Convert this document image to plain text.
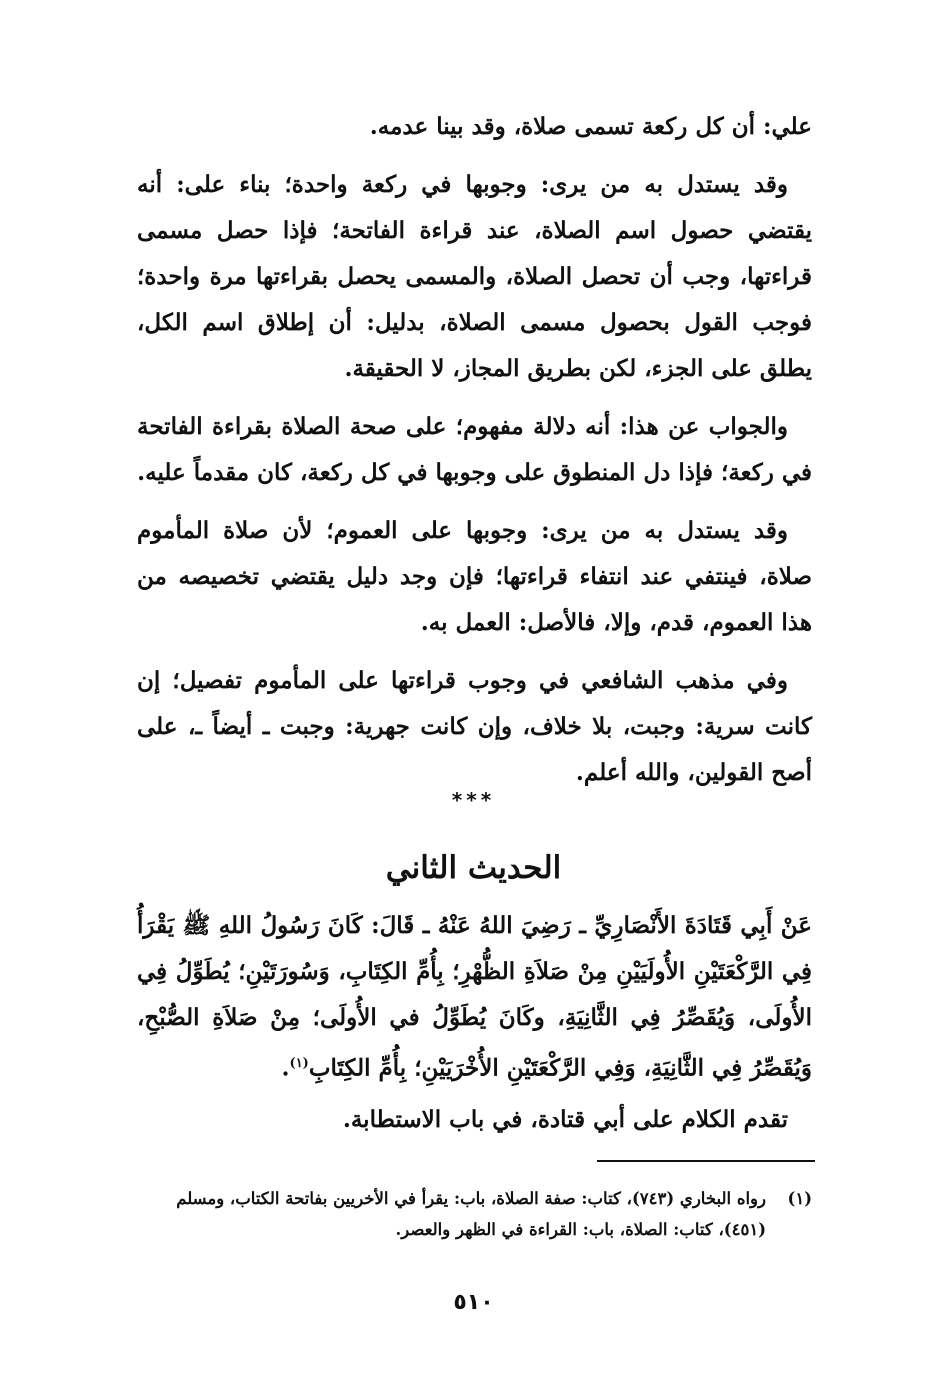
علي: أن كل ركعة تسمى صلاة، وقد بينا عدمه.

وقد يستدل به من يرى: وجوبها في ركعة واحدة؛ بناء على: أنه يقتضي حصول اسم الصلاة، عند قراءة الفاتحة؛ فإذا حصل مسمى قراءتها، وجب أن تحصل الصلاة، والمسمى يحصل بقراءتها مرة واحدة؛ فوجب القول بحصول مسمى الصلاة، بدليل: أن إطلاق اسم الكل، يطلق على الجزء، لكن بطريق المجاز، لا الحقيقة.

والجواب عن هذا: أنه دلالة مفهوم؛ على صحة الصلاة بقراءة الفاتحة في ركعة؛ فإذا دل المنطوق على وجوبها في كل ركعة، كان مقدماً عليه.

وقد يستدل به من يرى: وجوبها على العموم؛ لأن صلاة المأموم صلاة، فينتفي عند انتفاء قراءتها؛ فإن وجد دليل يقتضي تخصيصه من هذا العموم، قدم، وإلا، فالأصل: العمل به.

وفي مذهب الشافعي في وجوب قراءتها على المأموم تفصيل؛ إن كانت سرية: وجبت، بلا خلاف، وإن كانت جهرية: وجبت ـ أيضاً ـ، على أصح القولين، والله أعلم.

***
الحديث الثاني
عَنْ أَبِي قَتَادَةَ الأَنْصَارِيِّ ـ رَضِيَ اللهُ عَنْهُ ـ قَالَ: كَانَ رَسُولُ اللهِ ﷺ يَقْرَأُ فِي الرَّكْعَتَيْنِ الأُولَيَيْنِ مِنْ صَلاَةِ الظُّهْرِ؛ بِأُمِّ الكِتَابِ، وَسُورَتَيْنِ؛ يُطَوِّلُ فِي الأُولَى، وَيُقَصِّرُ فِي الثَّانِيَةِ، وكَانَ يُطَوِّلُ في الأُولَى؛ مِنْ صَلاَةِ الصُّبْحِ، وَيُقَصِّرُ فِي الثَّانِيَةِ، وَفِي الرَّكْعَتَيْنِ الأُخْرَيَيْنِ؛ بِأُمِّ الكِتَابِ$^{(١)}$.
تقدم الكلام على أبي قتادة، في باب الاستطابة.
(١)رواه البخاري (٧٤٣)، كتاب: صفة الصلاة، باب: يقرأ في الأخريين بفاتحة الكتاب، ومسلم
(٤٥١)، كتاب: الصلاة، باب: القراءة في الظهر والعصر.
٥١٠
